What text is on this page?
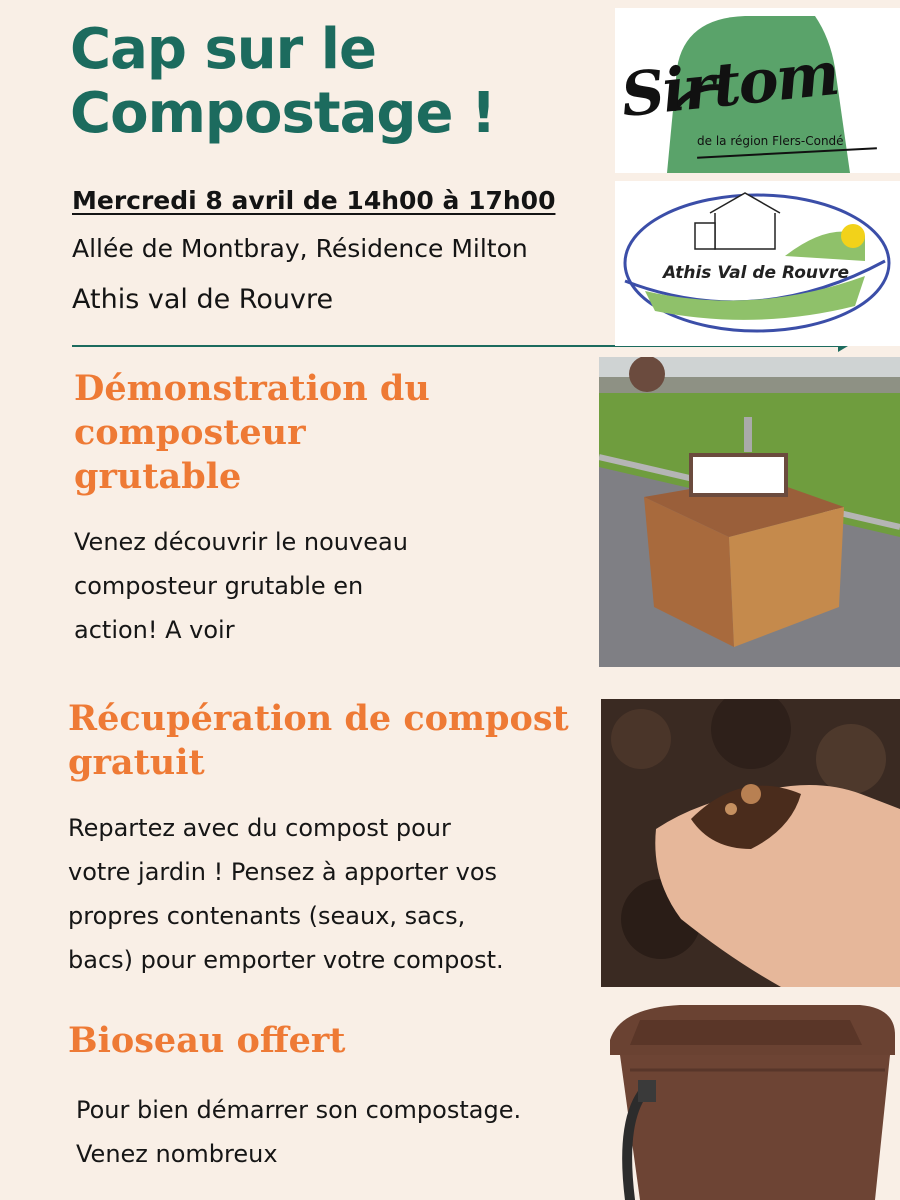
Cap sur le
Compostage !
Mercredi 8 avril de 14h00 à 17h00
Allée de Montbray, Résidence Milton
Athis val de Rouvre
Sirtom
de la région Flers-Condé
Athis Val de Rouvre
Démonstration du
composteur
grutable
Venez découvrir le nouveau
composteur grutable en
action! A voir
Récupération de compost
gratuit
Repartez avec du compost pour
votre jardin ! Pensez à apporter vos
propres contenants (seaux, sacs,
bacs) pour emporter votre compost.
Bioseau offert
Pour bien démarrer son compostage.
Venez nombreux
